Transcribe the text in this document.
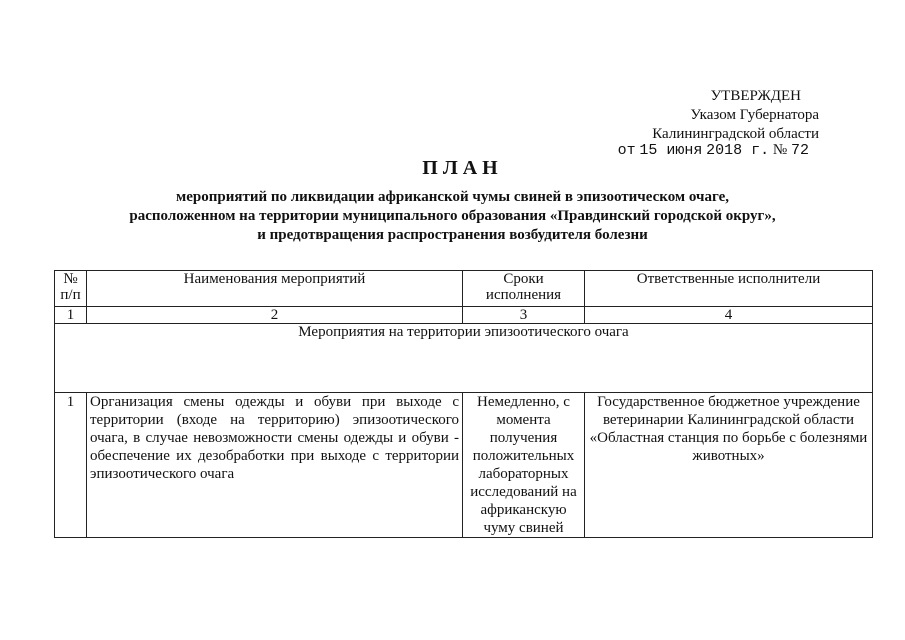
УТВЕРЖДЕН
Указом Губернатора
Калининградской области
от 15 июня 2018 г. № 72
ПЛАН
мероприятий по ликвидации африканской чумы свиней в эпизоотическом очаге,
расположенном на территории муниципального образования «Правдинский городской округ»,
и предотвращения распространения возбудителя болезни
№ п/п	Наименования мероприятий	Сроки исполнения	Ответственные исполнители
1	2	3	4
Мероприятия на территории эпизоотического очага			
1	Организация смены одежды и обуви при выходе с территории (входе на территорию) эпизоотического очага, в случае невозможности смены одежды и обуви - обеспечение их дезобработки при выходе с территории эпизоотического очага	Немедленно, с момента получения положительных лабораторных исследований на африканскую чуму свиней	Государственное бюджетное учреждение ветеринарии Калининградской области «Областная станция по борьбе с болезнями животных»
